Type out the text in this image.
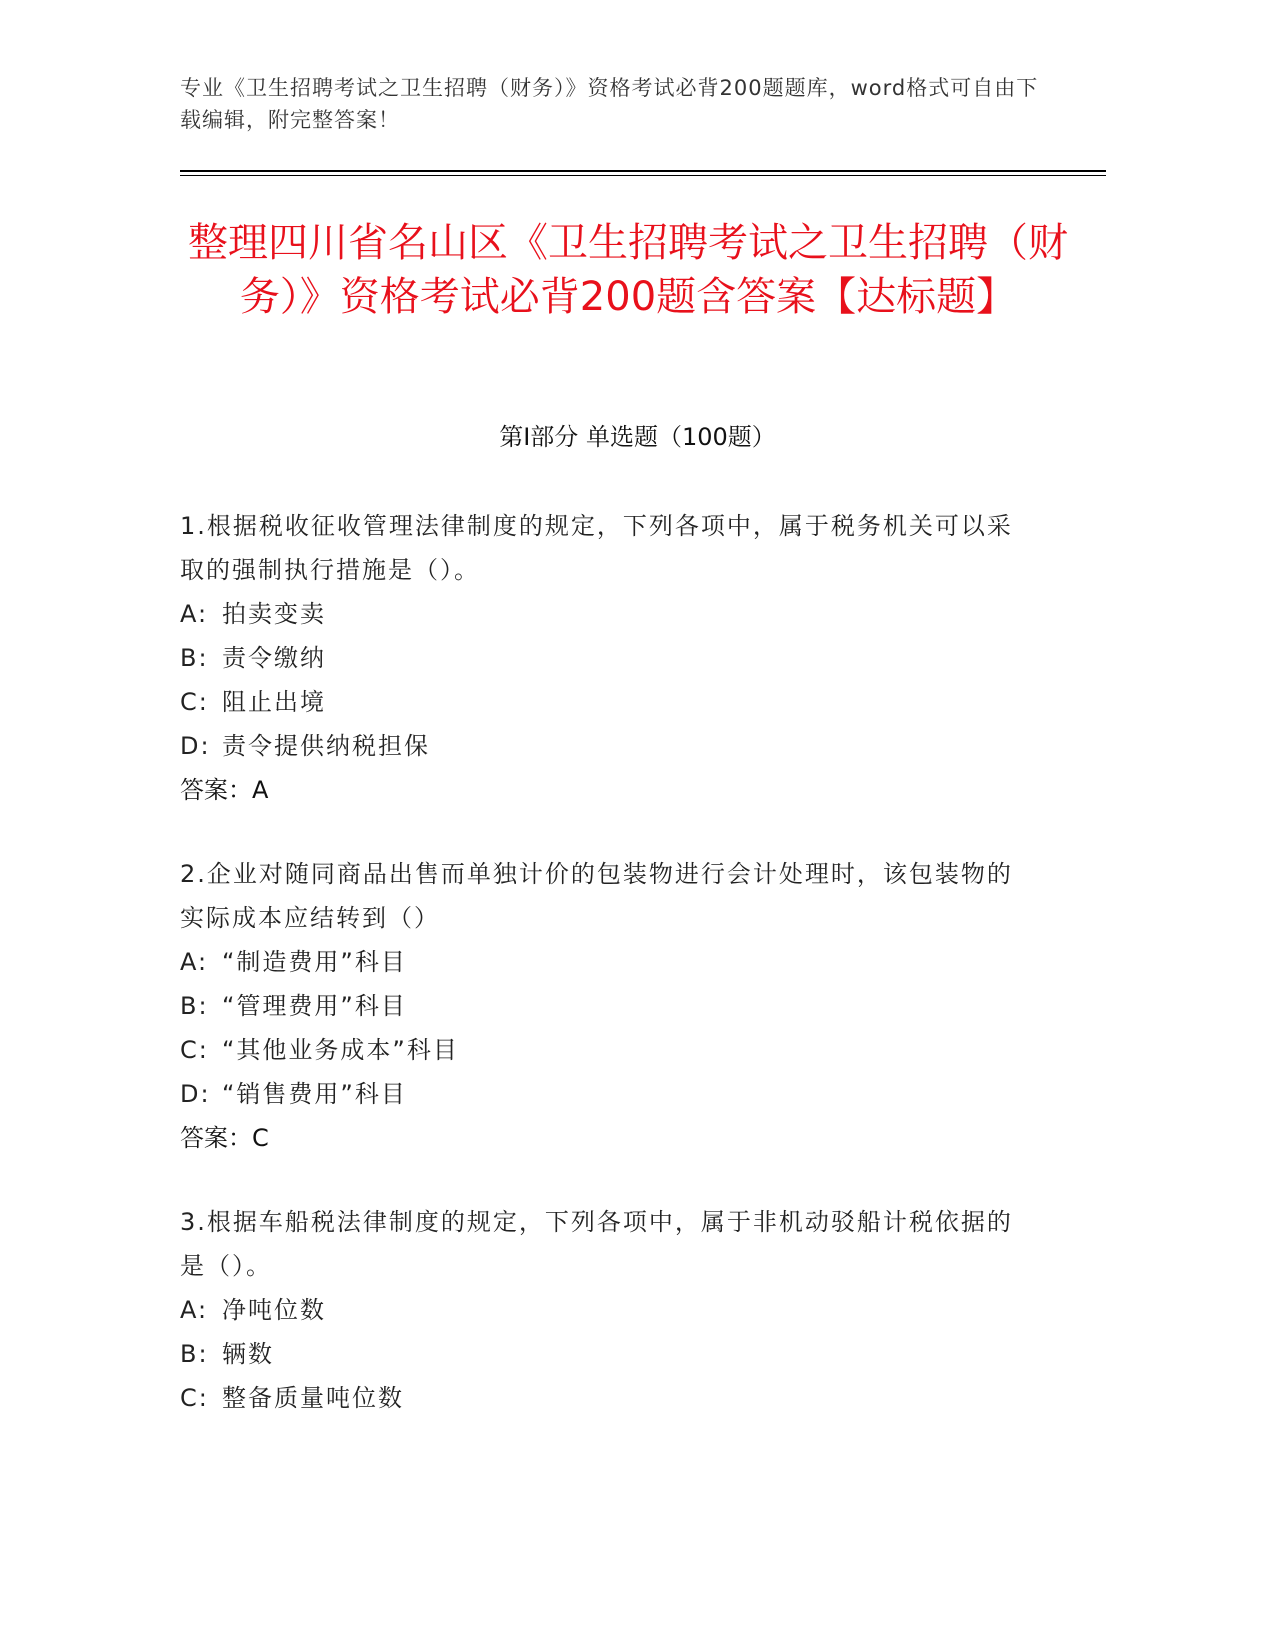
专业《卫生招聘考试之卫生招聘（财务）》资格考试必背200题题库，word格式可自由下载编辑，附完整答案！
整理四川省名山区《卫生招聘考试之卫生招聘（财务）》资格考试必背200题含答案【达标题】
第I部分 单选题（100题）
1.根据税收征收管理法律制度的规定，下列各项中，属于税务机关可以采取的强制执行措施是（）。
A: 拍卖变卖
B: 责令缴纳
C: 阻止出境
D: 责令提供纳税担保
答案：A
2.企业对随同商品出售而单独计价的包装物进行会计处理时，该包装物的实际成本应结转到（）
A: “制造费用”科目
B: “管理费用”科目
C: “其他业务成本”科目
D: “销售费用”科目
答案：C
3.根据车船税法律制度的规定，下列各项中，属于非机动驳船计税依据的是（）。
A: 净吨位数
B: 辆数
C: 整备质量吨位数
